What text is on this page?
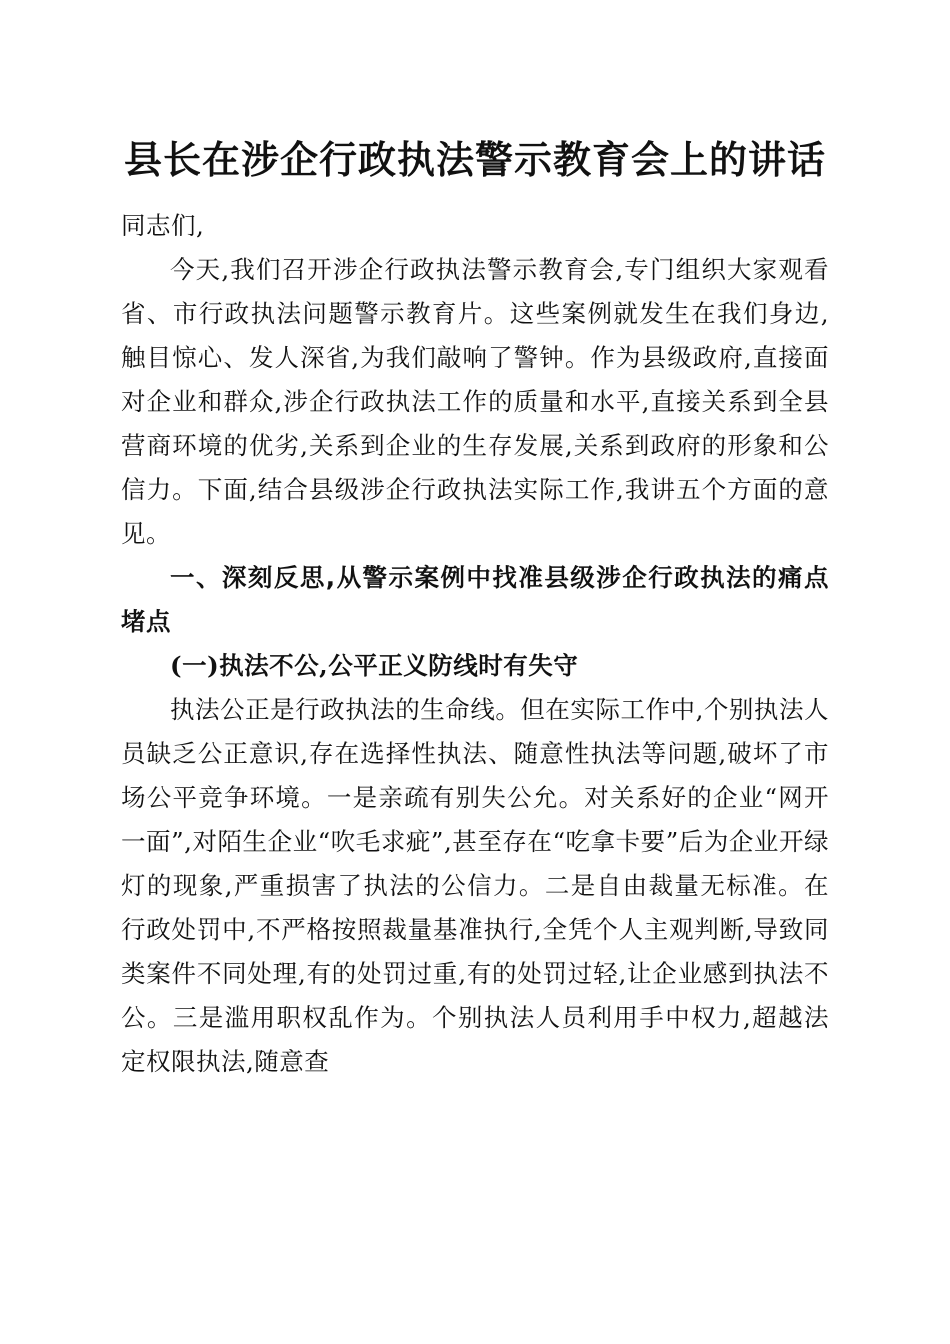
县长在涉企行政执法警示教育会上的讲话

同志们,

今天,我们召开涉企行政执法警示教育会,专门组织大家观看省、市行政执法问题警示教育片。这些案例就发生在我们身边,触目惊心、发人深省,为我们敲响了警钟。作为县级政府,直接面对企业和群众,涉企行政执法工作的质量和水平,直接关系到全县营商环境的优劣,关系到企业的生存发展,关系到政府的形象和公信力。下面,结合县级涉企行政执法实际工作,我讲五个方面的意见。

一、深刻反思,从警示案例中找准县级涉企行政执法的痛点堵点

(一)执法不公,公平正义防线时有失守

执法公正是行政执法的生命线。但在实际工作中,个别执法人员缺乏公正意识,存在选择性执法、随意性执法等问题,破坏了市场公平竞争环境。一是亲疏有别失公允。对关系好的企业“网开一面”,对陌生企业“吹毛求疵”,甚至存在“吃拿卡要”后为企业开绿灯的现象,严重损害了执法的公信力。二是自由裁量无标准。在行政处罚中,不严格按照裁量基准执行,全凭个人主观判断,导致同类案件不同处理,有的处罚过重,有的处罚过轻,让企业感到执法不公。三是滥用职权乱作为。个别执法人员利用手中权力,超越法定权限执法,随意查
